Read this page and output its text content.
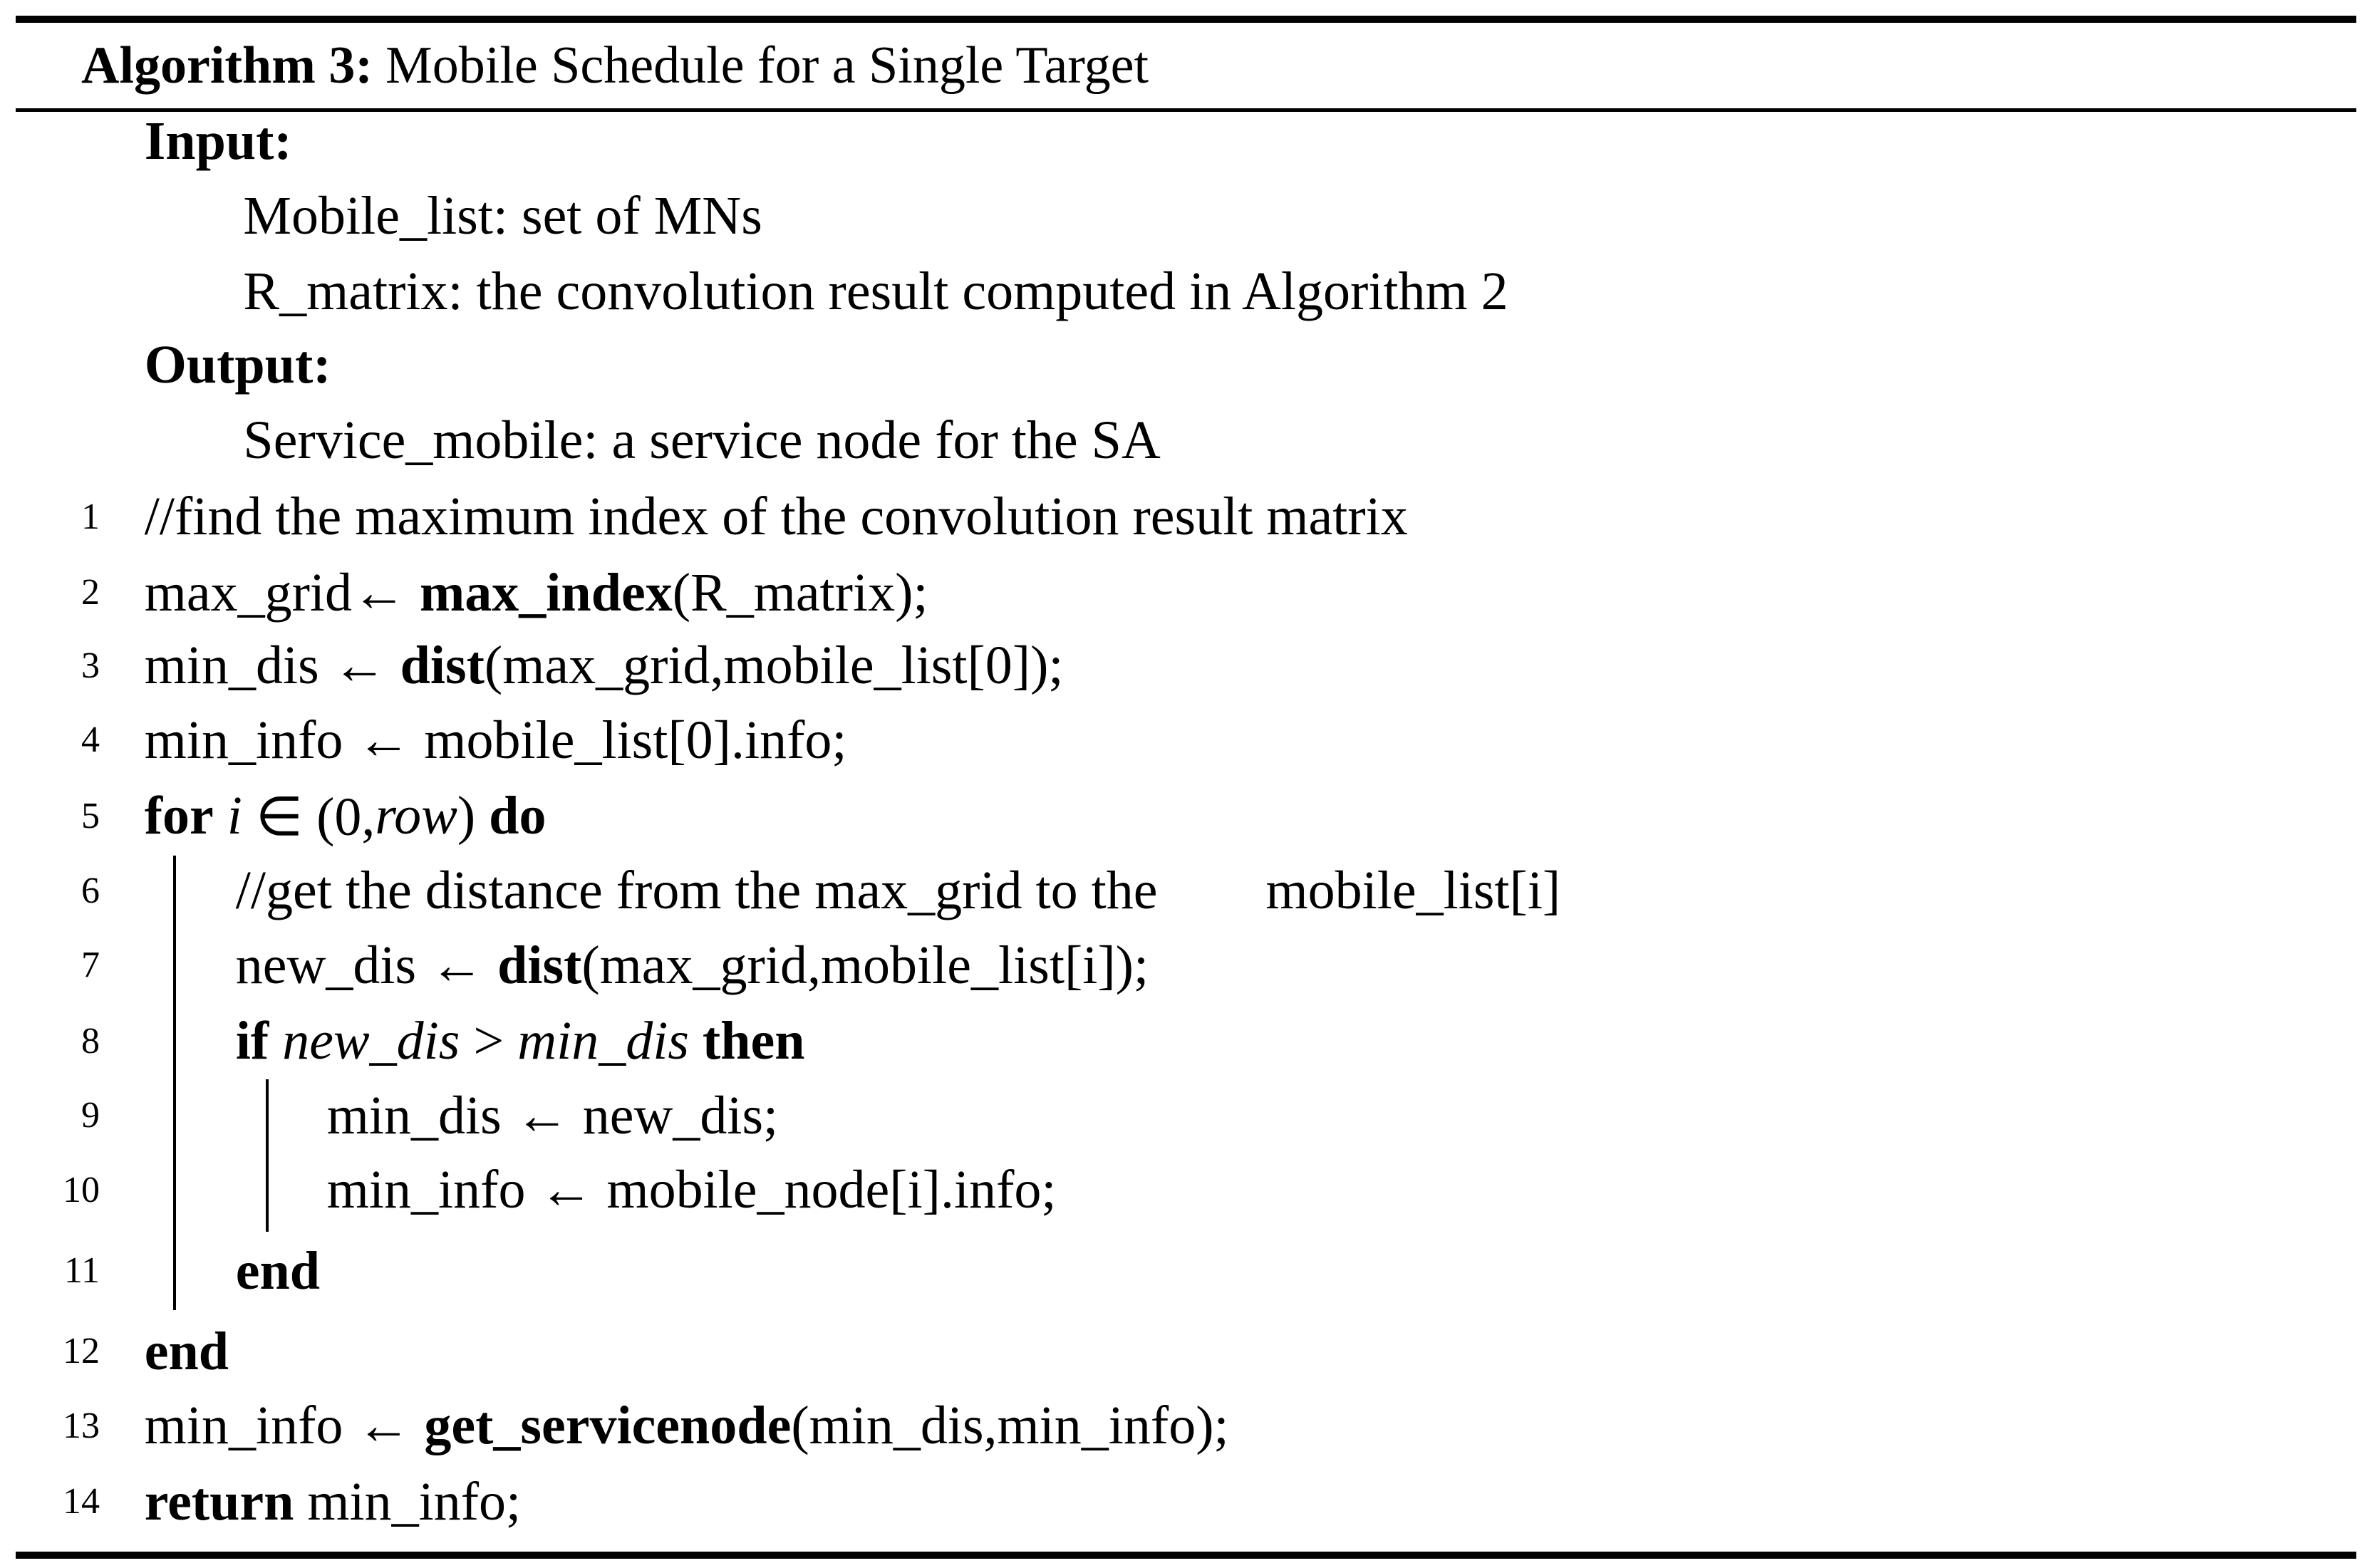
Algorithm 3: Mobile Schedule for a Single Target
Input:
Mobile_list: set of MNs
R_matrix: the convolution result computed in Algorithm 2
Output:
Service_mobile: a service node for the SA
1 //find the maximum index of the convolution result matrix
2 max_grid← max_index (R_matrix);
3 min_dis ← dist (max_grid,mobile_list[0]);
4 min_info ← mobile_list[0].info;
5 for i ∈ (0, row ) do
6	//get the distance from the max_grid to the        mobile_list[i]
7	new_dis ← dist (max_grid,mobile_list[i]);
8	if new_dis > min_dis then
9	min_dis ← new_dis;
10	min_info ← mobile_node[i].info;
11	end
12 end
13 min_info ← get_servicenode (min_dis,min_info);
14 return min_info;
